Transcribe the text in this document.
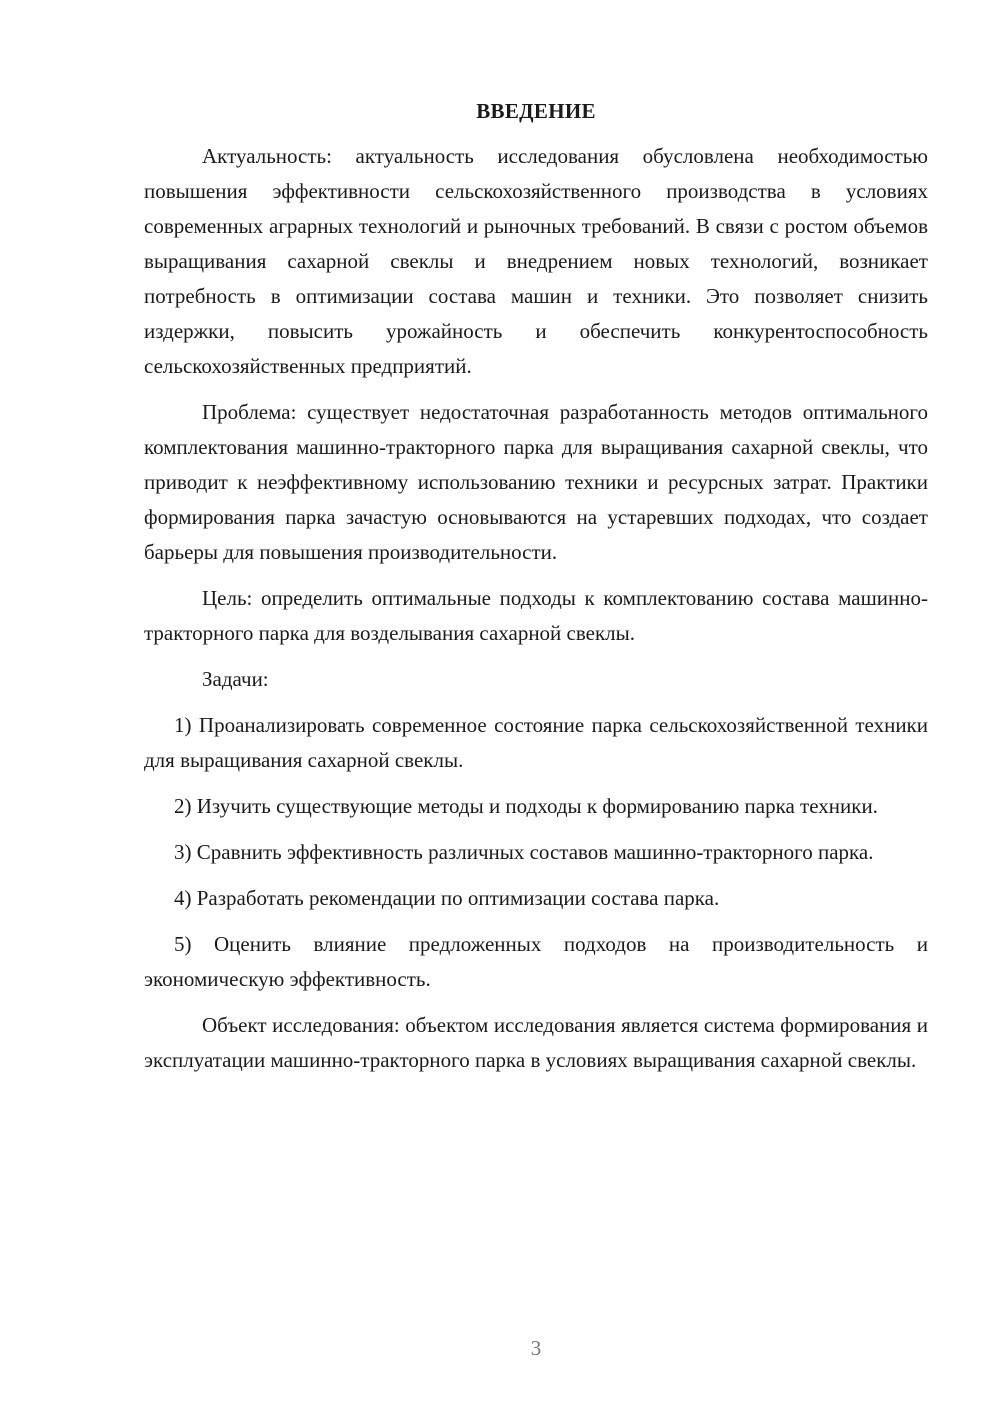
ВВЕДЕНИЕ

Актуальность: актуальность исследования обусловлена необходимостью повышения эффективности сельскохозяйственного производства в условиях современных аграрных технологий и рыночных требований. В связи с ростом объемов выращивания сахарной свеклы и внедрением новых технологий, возникает потребность в оптимизации состава машин и техники. Это позволяет снизить издержки, повысить урожайность и обеспечить конкурентоспособность сельскохозяйственных предприятий.

Проблема: существует недостаточная разработанность методов оптимального комплектования машинно-тракторного парка для выращивания сахарной свеклы, что приводит к неэффективному использованию техники и ресурсных затрат. Практики формирования парка зачастую основываются на устаревших подходах, что создает барьеры для повышения производительности.

Цель: определить оптимальные подходы к комплектованию состава машинно-тракторного парка для возделывания сахарной свеклы.

Задачи:

1) Проанализировать современное состояние парка сельскохозяйственной техники для выращивания сахарной свеклы.

2) Изучить существующие методы и подходы к формированию парка техники.

3) Сравнить эффективность различных составов машинно-тракторного парка.

4) Разработать рекомендации по оптимизации состава парка.

5) Оценить влияние предложенных подходов на производительность и экономическую эффективность.

Объект исследования: объектом исследования является система формирования и эксплуатации машинно-тракторного парка в условиях выращивания сахарной свеклы.

3
